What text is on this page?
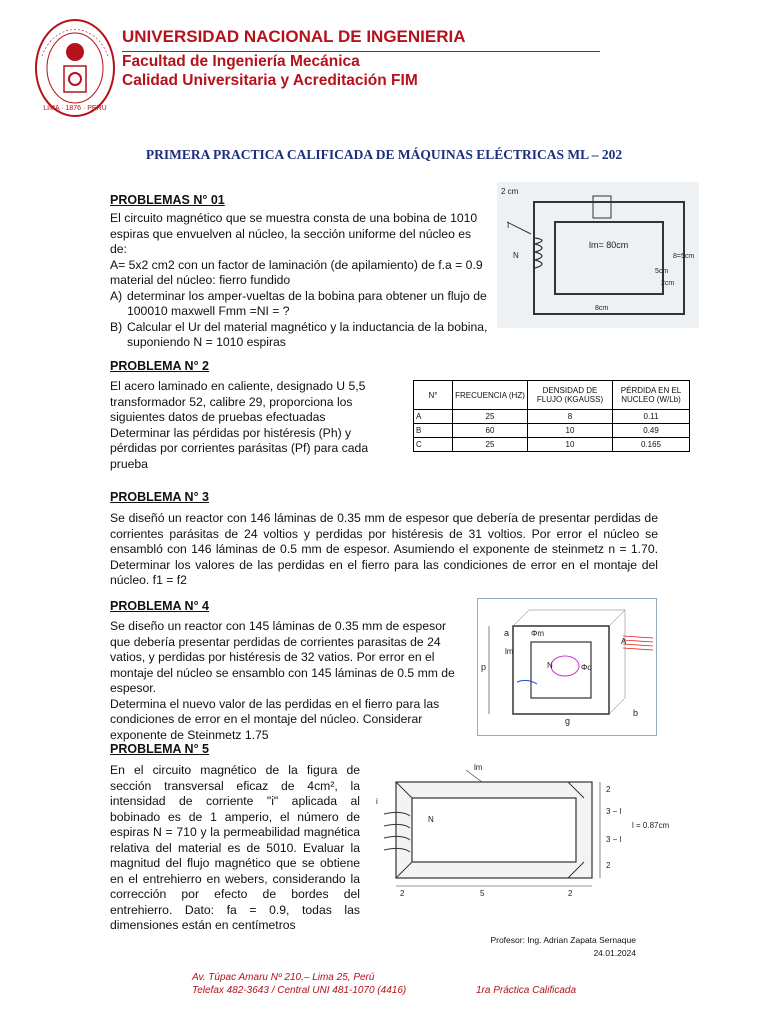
LIMA · 1876 · PERU
UNIVERSIDAD NACIONAL DE INGENIERIA
Facultad de Ingeniería Mecánica
Calidad Universitaria y Acreditación FIM
PRIMERA PRACTICA CALIFICADA DE MÁQUINAS ELÉCTRICAS ML – 202
PROBLEMAS N° 01

El circuito magnético que se muestra consta de una bobina de 1010 espiras que envuelven al núcleo, la sección uniforme del núcleo es de:

A= 5x2 cm2 con un factor de laminación (de apilamiento) de f.a = 0.9 material del núcleo: fierro fundido

A) determinar los amper-vueltas de la bobina para obtener un flujo de 100010 maxwell Fmm =NI = ?
B) Calcular el Ur del material magnético y la inductancia de la bobina, suponiendo N = 1010 espiras
2 cm
I
N
lm= 80cm
8=5cm
5cm
2cm
8cm
PROBLEMA N° 2
El acero laminado en caliente, designado U 5,5 transformador 52, calibre 29, proporciona los siguientes datos de pruebas efectuadas Determinar las pérdidas por histéresis (Ph) y pérdidas por corrientes parásitas (Pf) para cada prueba
N°	FRECUENCIA (HZ)	DENSIDAD DE FLUJO (KGAUSS)	PÉRDIDA EN EL NUCLEO (W/Lb)
A	25	8	0.11
B	60	10	0.49
C	25	10	0.165
PROBLEMA N° 3
Se diseñó un reactor con 146 láminas de 0.35 mm de espesor que debería de presentar perdidas de corrientes parásitas de 24 voltios y perdidas por histéresis de 31 voltios. Por error el núcleo se ensambló con 146 láminas de 0.5 mm de espesor. Asumiendo el exponente de steinmetz n = 1.70. Determinar los valores de las perdidas en el fierro para las condiciones de error en el montaje del núcleo. f1 = f2
PROBLEMA N° 4

Se diseño un reactor con 145 láminas de 0.35 mm de espesor que debería presentar perdidas de corrientes parasitas de 24 vatios, y perdidas por histéresis de 32 vatios. Por error en el montaje del núcleo se ensamblo con 145 láminas de 0.5 mm de espesor.

Determina el nuevo valor de las perdidas en el fierro para las condiciones de error en el montaje del núcleo. Considerar exponente de Steinmetz 1.75

a
p
lm
Φm
Φd
N
A
g
b
PROBLEMA N° 5
En el circuito magnético de la figura de sección transversal eficaz de 4cm², la intensidad de corriente "i" aplicada al bobinado es de 1 amperio, el número de espiras N = 710 y la permeabilidad magnética relativa del material es de 5010. Evaluar la magnitud del flujo magnético que se obtiene en el entrehierro en webers, considerando la corrección por efecto de bordes del entrehierro. Dato: fa = 0.9, todas las dimensiones están en centímetros
lm
i
N
2
3 − l
3 − l
2
l = 0.87cm
2	5	2
Profesor: Ing. Adrian Zapata Sernaque
24.01.2024
Av. Túpac Amaru Nº 210,– Lima 25, Perú
Telefax 482-3643 / Central UNI 481-1070 (4416)	1ra Práctica Calificada
